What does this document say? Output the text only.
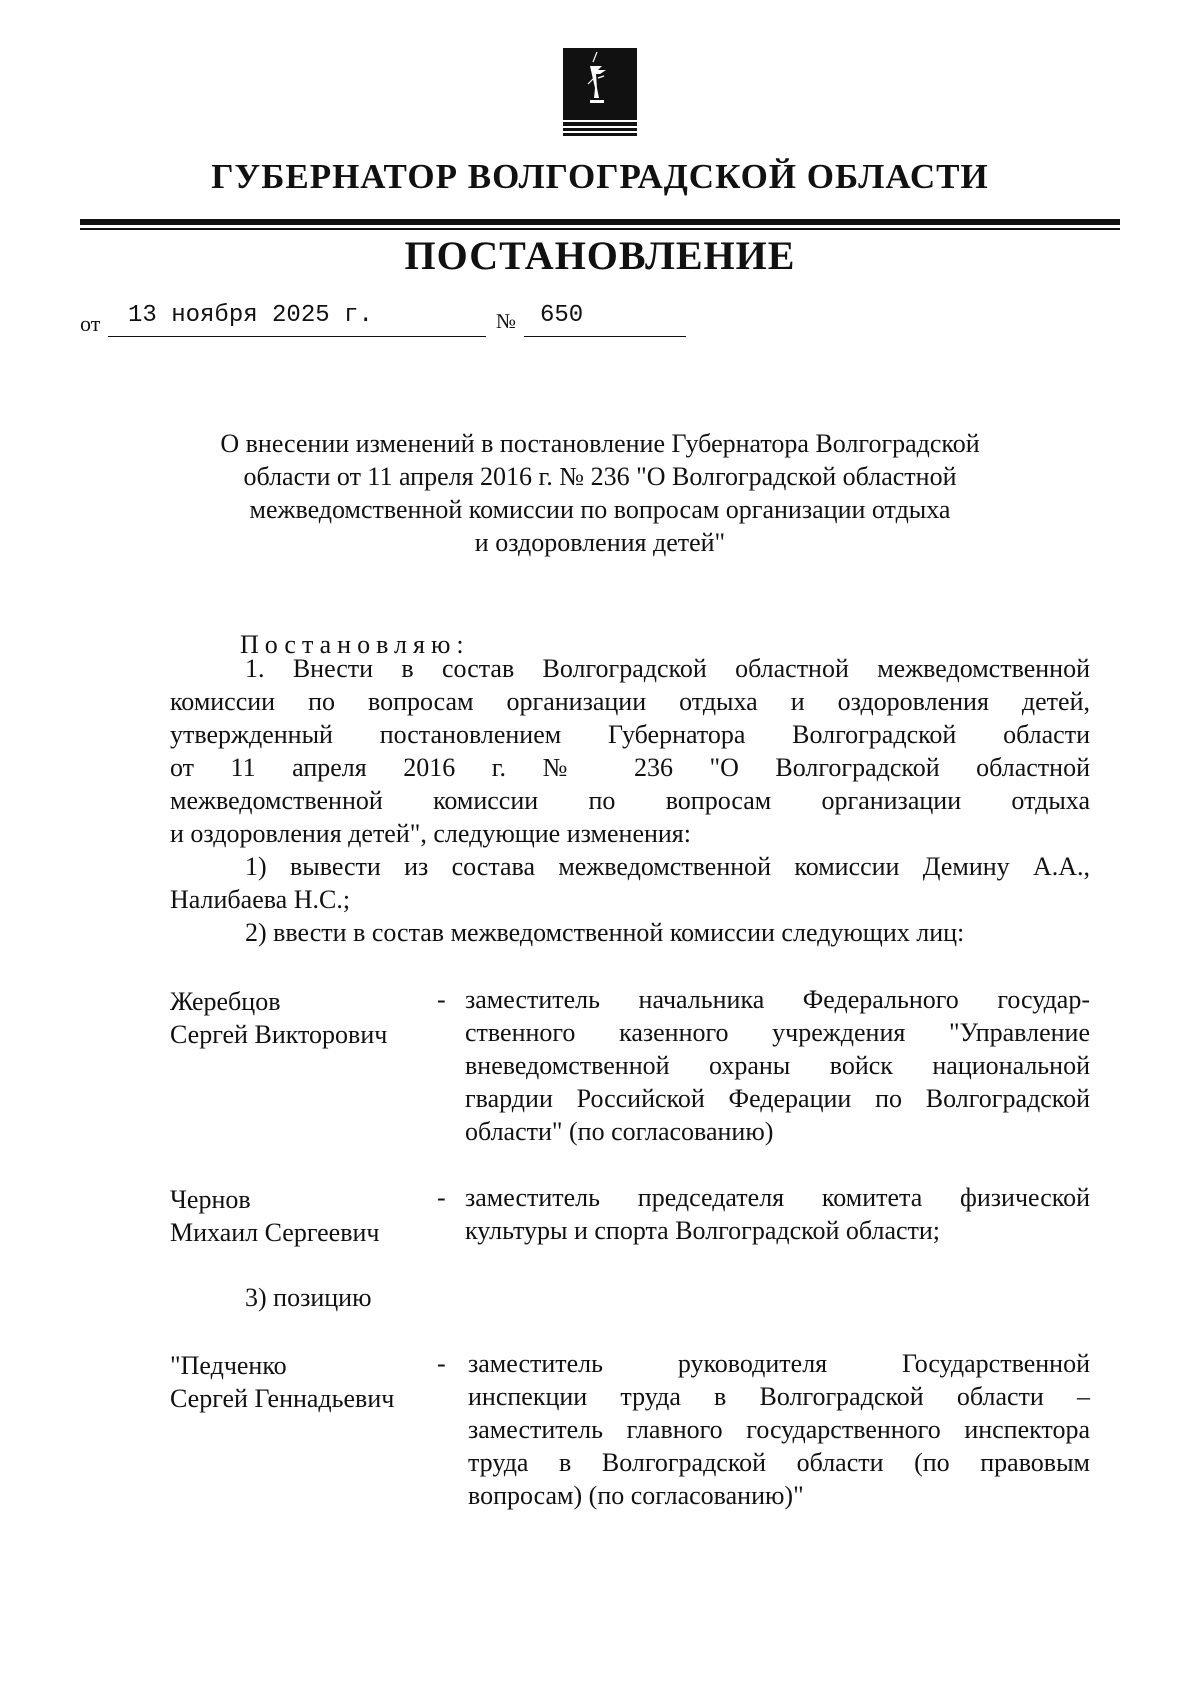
ГУБЕРНАТОР ВОЛГОГРАДСКОЙ ОБЛАСТИ
ПОСТАНОВЛЕНИЕ
от 13 ноября 2025 г.	№ 650
О внесении изменений в постановление Губернатора Волгоградской
области от 11 апреля 2016 г. № 236 "О Волгоградской областной
межведомственной комиссии по вопросам организации отдыха
и оздоровления детей"
Постановляю:
1. Внести в состав Волгоградской областной межведомственной
комиссии по вопросам организации отдыха и оздоровления детей,
утвержденный постановлением Губернатора Волгоградской области
от 11 апреля 2016 г. № 236 "О Волгоградской областной
межведомственной комиссии по вопросам организации отдыха
и оздоровления детей", следующие изменения:
1) вывести из состава межведомственной комиссии Демину А.А.,
Налибаева Н.С.;
2) ввести в состав межведомственной комиссии следующих лиц:
Жеребцов
Сергей Викторович
- заместитель начальника Федерального государ-
ственного казенного учреждения "Управление
вневедомственной охраны войск национальной
гвардии Российской Федерации по Волгоградской
области" (по согласованию)
Чернов
Михаил Сергеевич
- заместитель председателя комитета физической
культуры и спорта Волгоградской области;
3) позицию
"Педченко
Сергей Геннадьевич
- заместитель руководителя Государственной
инспекции труда в Волгоградской области –
заместитель главного государственного инспектора
труда в Волгоградской области (по правовым
вопросам) (по согласованию)"
